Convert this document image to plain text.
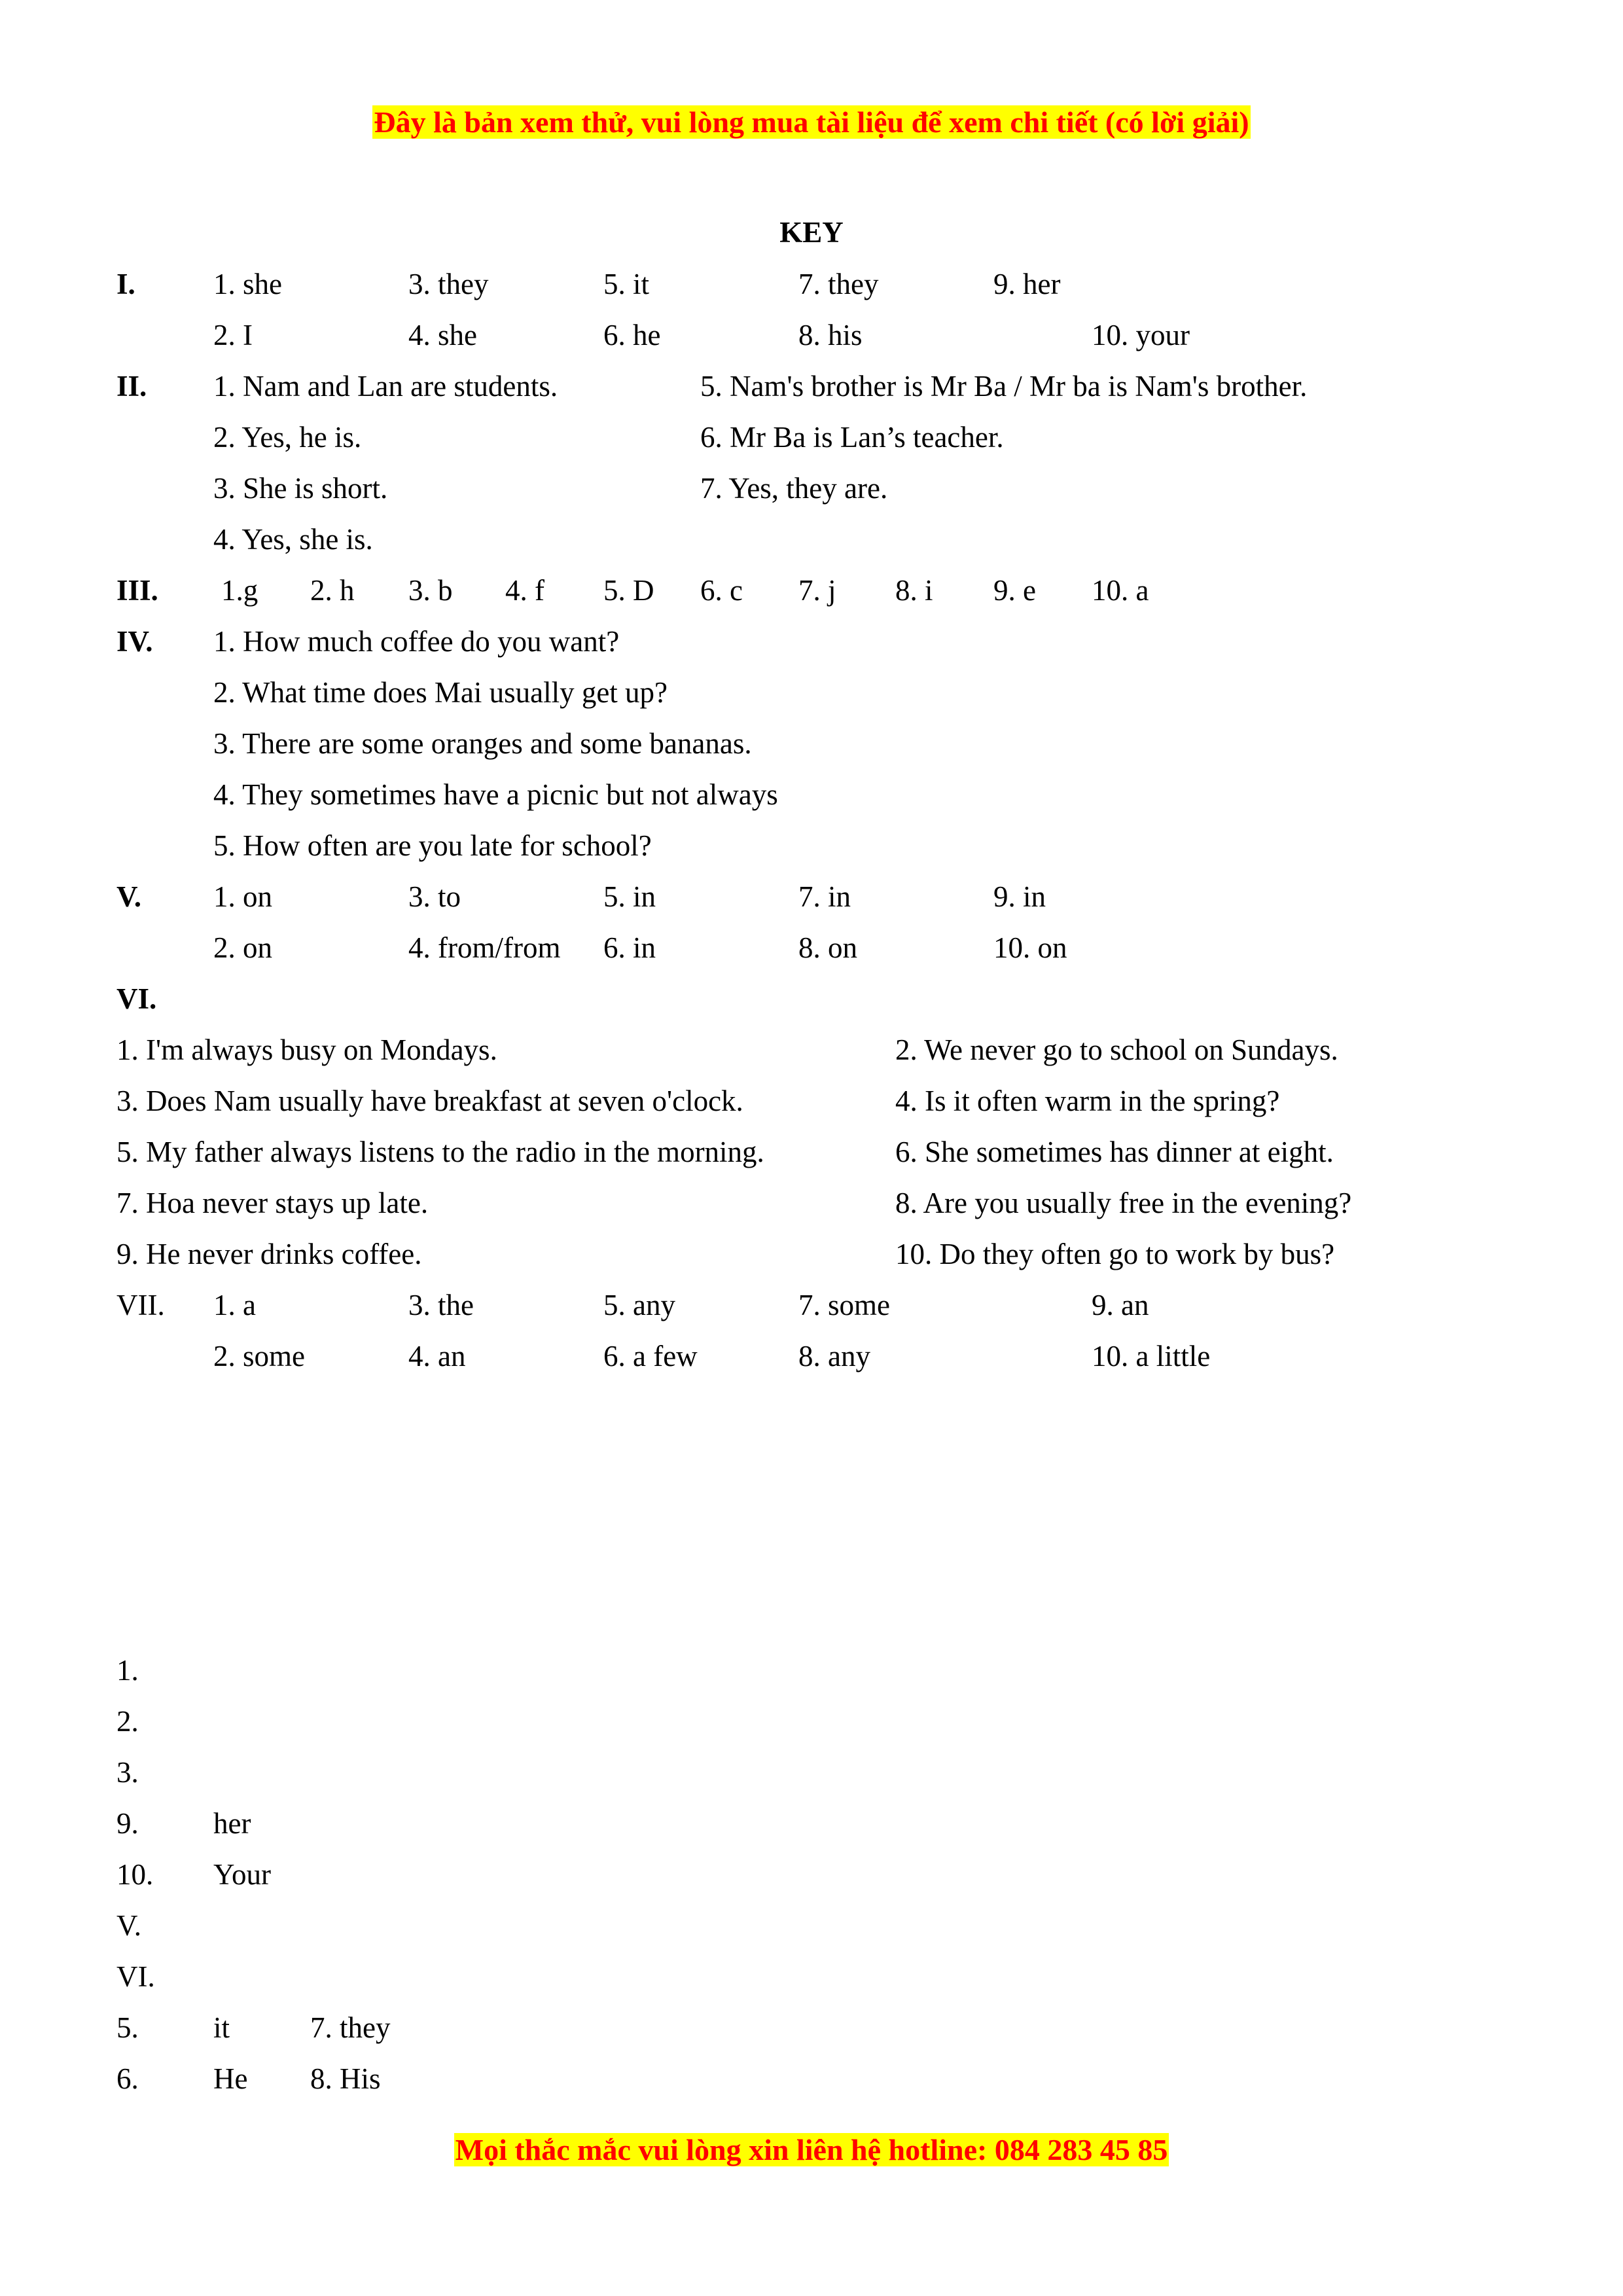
Đây là bản xem thử, vui lòng mua tài liệu để xem chi tiết (có lời giải)
KEY
I.	1. she	3. they	5. it	7. they	9. her
2. I	4. she	6. he	8. his	10. your
II. 1. Nam and Lan are students.	5. Nam's brother is Mr Ba / Mr ba is Nam's brother.
2. Yes, he is.	6. Mr Ba is Lan’s teacher.
3. She is short.	7. Yes, they are.
4. Yes, she is.
III. 1.g 2. h 3. b 4. f 5. D 6. c 7. j 8. i 9. e 10. a
IV. 1. How much coffee do you want?
2. What time does Mai usually get up?
3. There are some oranges and some bananas.
4. They sometimes have a picnic but not always
5. How often are you late for school?
V. 1. on	3. to	5. in	7. in	9. in
2. on	4. from/from 6. in	8. on	10. on
VI.
1. I'm always busy on Mondays.	2. We never go to school on Sundays.
3. Does Nam usually have breakfast at seven o'clock.	4. Is it often warm in the spring?
5. My father always listens to the radio in the morning.	6. She sometimes has dinner at eight.
7. Hoa never stays up late.	8. Are you usually free in the evening?
9. He never drinks coffee.	10. Do they often go to work by bus?
VII. 1. a	3. the	5. any	7. some	9. an
2. some	4. an	6. a few	8. any	10. a little
1.
2.
3.
9.	her
10. Your
V.
VI.
5.	it	7. they
6.	He 8. His
Mọi thắc mắc vui lòng xin liên hệ hotline: 084 283 45 85
